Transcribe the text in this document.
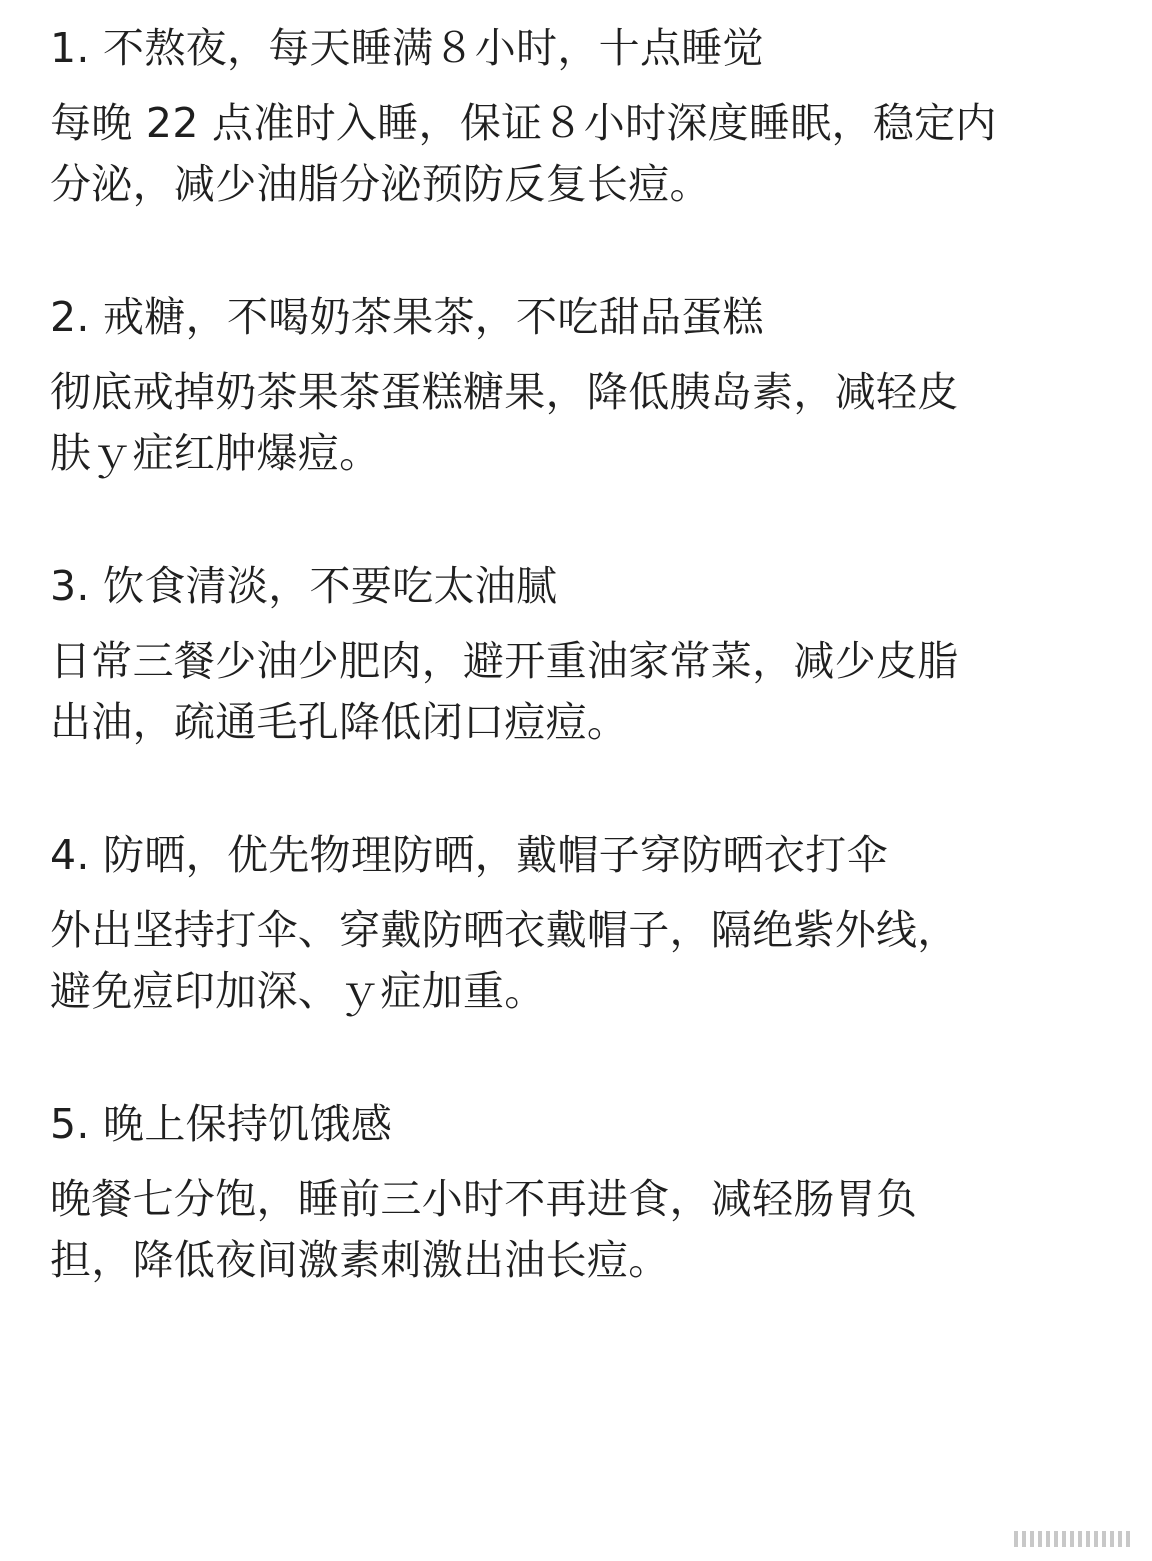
1. 不熬夜，每天睡满８小时，十点睡觉

每晚 22 点准时入睡，保证８小时深度睡眠，稳定内
分泌，减少油脂分泌预防反复长痘。

2. 戒糖，不喝奶茶果茶，不吃甜品蛋糕

彻底戒掉奶茶果茶蛋糕糖果，降低胰岛素，减轻皮
肤ｙ症红肿爆痘。

3. 饮食清淡，不要吃太油腻

日常三餐少油少肥肉，避开重油家常菜，减少皮脂
出油，疏通毛孔降低闭口痘痘。

4. 防晒，优先物理防晒，戴帽子穿防晒衣打伞

外出坚持打伞、穿戴防晒衣戴帽子，隔绝紫外线，
避免痘印加深、ｙ症加重。

5. 晚上保持饥饿感

晚餐七分饱，睡前三小时不再进食，减轻肠胃负
担，降低夜间激素刺激出油长痘。
